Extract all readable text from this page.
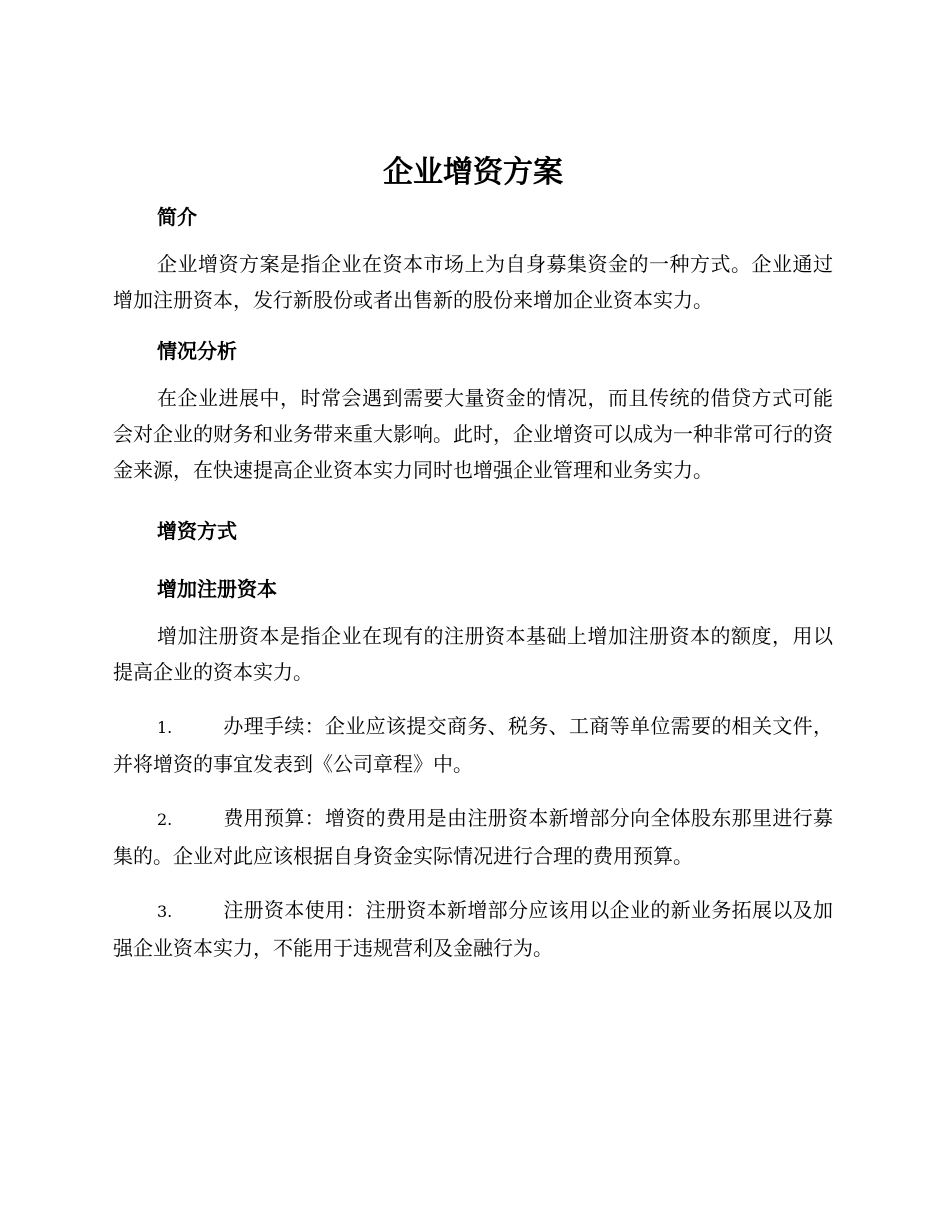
企业增资方案
简介

企业增资方案是指企业在资本市场上为自身募集资金的一种方式。企业通过增加注册资本，发行新股份或者出售新的股份来增加企业资本实力。

情况分析

在企业进展中，时常会遇到需要大量资金的情况，而且传统的借贷方式可能会对企业的财务和业务带来重大影响。此时，企业增资可以成为一种非常可行的资金来源，在快速提高企业资本实力同时也增强企业管理和业务实力。

增资方式
增加注册资本

增加注册资本是指企业在现有的注册资本基础上增加注册资本的额度，用以提高企业的资本实力。

1.	办理手续：企业应该提交商务、税务、工商等单位需要的相关文件，并将增资的事宜发表到《公司章程》中。

2.	费用预算：增资的费用是由注册资本新增部分向全体股东那里进行募集的。企业对此应该根据自身资金实际情况进行合理的费用预算。

3.	注册资本使用：注册资本新增部分应该用以企业的新业务拓展以及加强企业资本实力，不能用于违规营利及金融行为。
